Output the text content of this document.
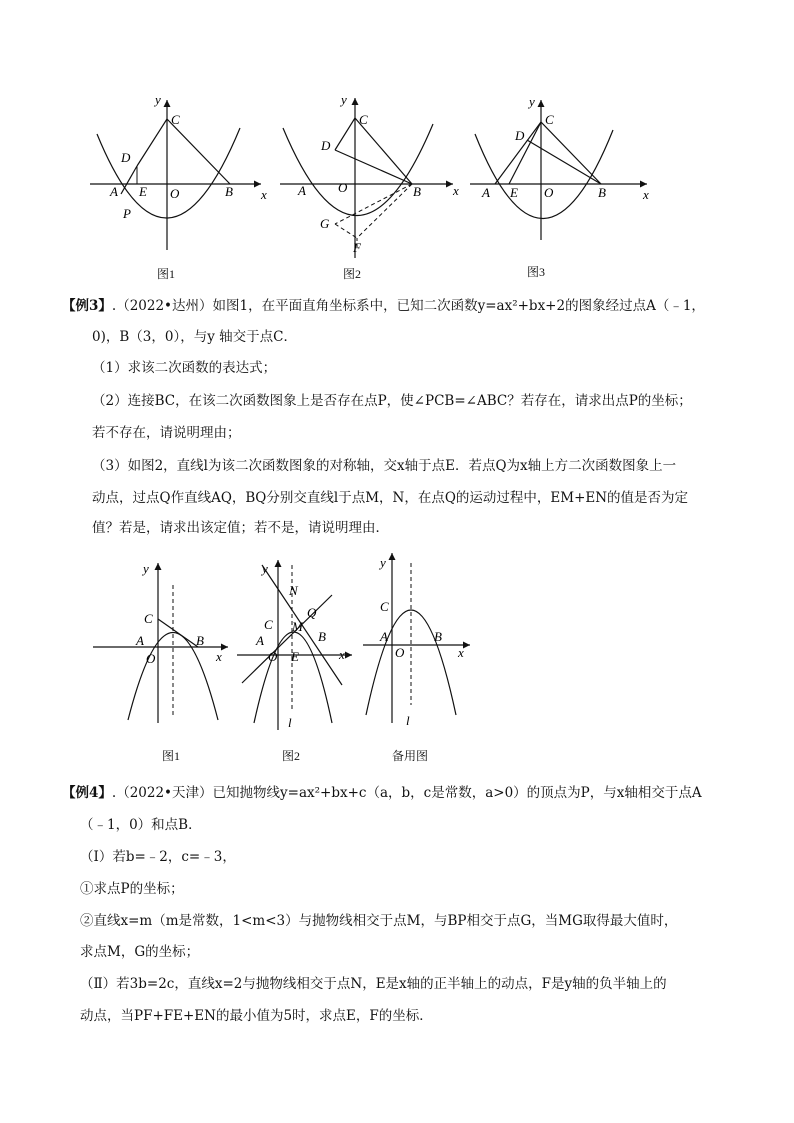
y
x
C
D
A E O	B
P
图1
y
x
C
D
A O	B
G
F
图2
y
x
C
D
A E O	B
图3
【例3】.（2022•达州）如图1，在平面直角坐标系中，已知二次函数y=ax²+bx+2的图象经过点A（﹣1，
0)，B（3，0），与y 轴交于点C．
（1）求该二次函数的表达式；
（2）连接BC，在该二次函数图象上是否存在点P，使∠PCB=∠ABC？若存在，请求出点P的坐标；
若不存在，请说明理由；
（3）如图2，直线l为该二次函数图象的对称轴，交x轴于点E．若点Q为x轴上方二次函数图象上一
动点，过点Q作直线AQ，BQ分别交直线l于点M，N，在点Q的运动过程中，EM+EN的值是否为定
值？若是，请求出该定值；若不是，请说明理由．
y
x
C
A
O
B
图1
y
x
N
Q
M
C
A
O E
B
l
图2
y
x
C
A
O
B
l
备用图
【例4】.（2022•天津）已知抛物线y=ax²+bx+c（a，b，c是常数，a>0）的顶点为P，与x轴相交于点A
（﹣1，0）和点B．
（Ⅰ）若b=﹣2，c=﹣3，
①求点P的坐标；
②直线x=m（m是常数，1<m<3）与抛物线相交于点M，与BP相交于点G，当MG取得最大值时，
求点M，G的坐标；
（Ⅱ）若3b=2c，直线x=2与抛物线相交于点N，E是x轴的正半轴上的动点，F是y轴的负半轴上的
动点，当PF+FE+EN的最小值为5时，求点E，F的坐标．
